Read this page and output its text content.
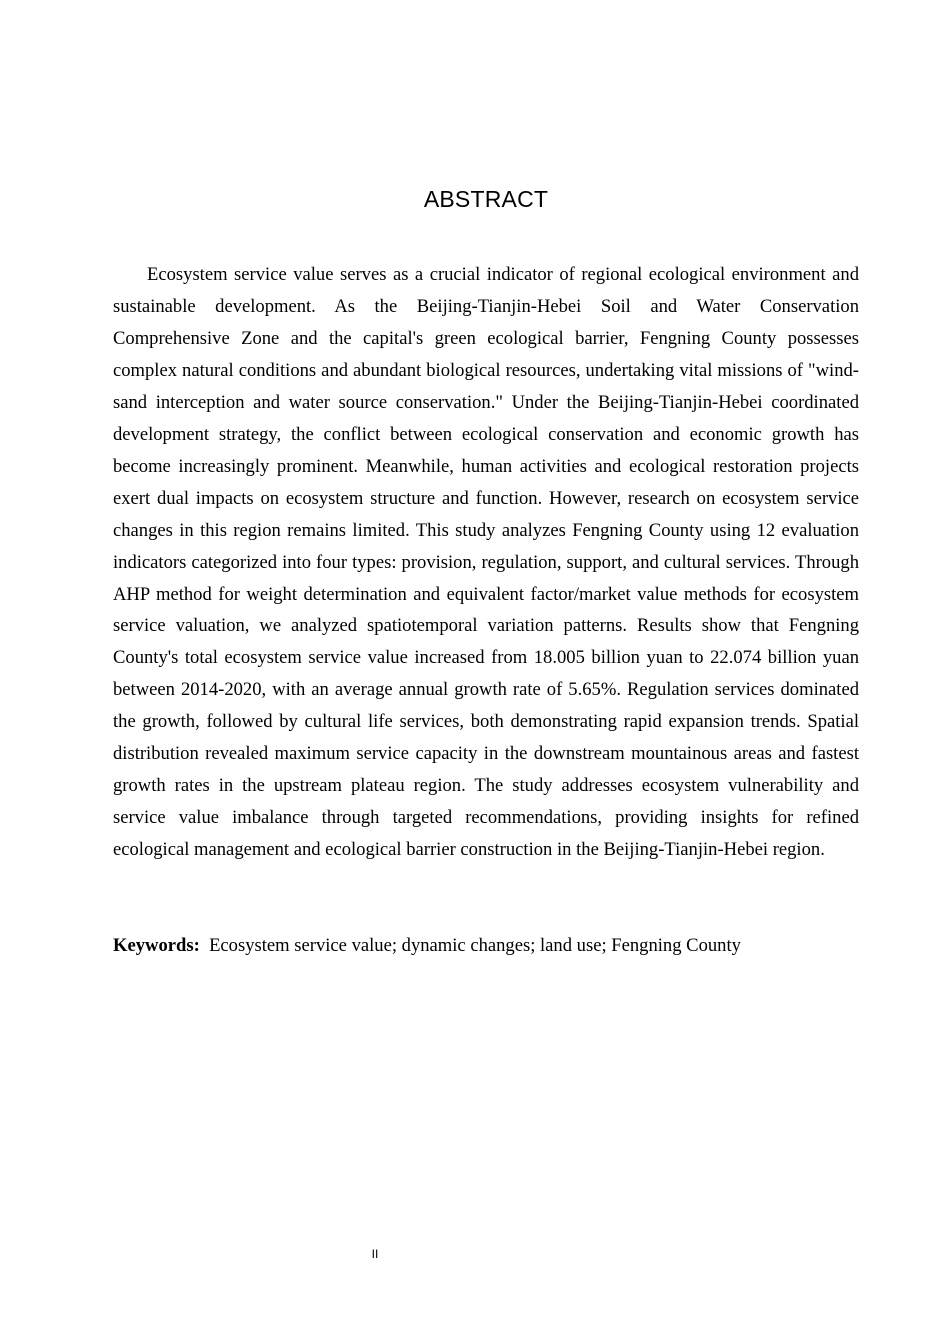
ABSTRACT

Ecosystem service value serves as a crucial indicator of regional ecological environment and sustainable development. As the Beijing-Tianjin-Hebei Soil and Water Conservation Comprehensive Zone and the capital's green ecological barrier, Fengning County possesses complex natural conditions and abundant biological resources, undertaking vital missions of "wind-sand interception and water source conservation." Under the Beijing-Tianjin-Hebei coordinated development strategy, the conflict between ecological conservation and economic growth has become increasingly prominent. Meanwhile, human activities and ecological restoration projects exert dual impacts on ecosystem structure and function. However, research on ecosystem service changes in this region remains limited. This study analyzes Fengning County using 12 evaluation indicators categorized into four types: provision, regulation, support, and cultural services. Through AHP method for weight determination and equivalent factor/market value methods for ecosystem service valuation, we analyzed spatiotemporal variation patterns. Results show that Fengning County's total ecosystem service value increased from 18.005 billion yuan to 22.074 billion yuan between 2014-2020, with an average annual growth rate of 5.65%. Regulation services dominated the growth, followed by cultural life services, both demonstrating rapid expansion trends. Spatial distribution revealed maximum service capacity in the downstream mountainous areas and fastest growth rates in the upstream plateau region. The study addresses ecosystem vulnerability and service value imbalance through targeted recommendations, providing insights for refined ecological management and ecological barrier construction in the Beijing-Tianjin-Hebei region.

Keywords: Ecosystem service value; dynamic changes; land use; Fengning County

II
